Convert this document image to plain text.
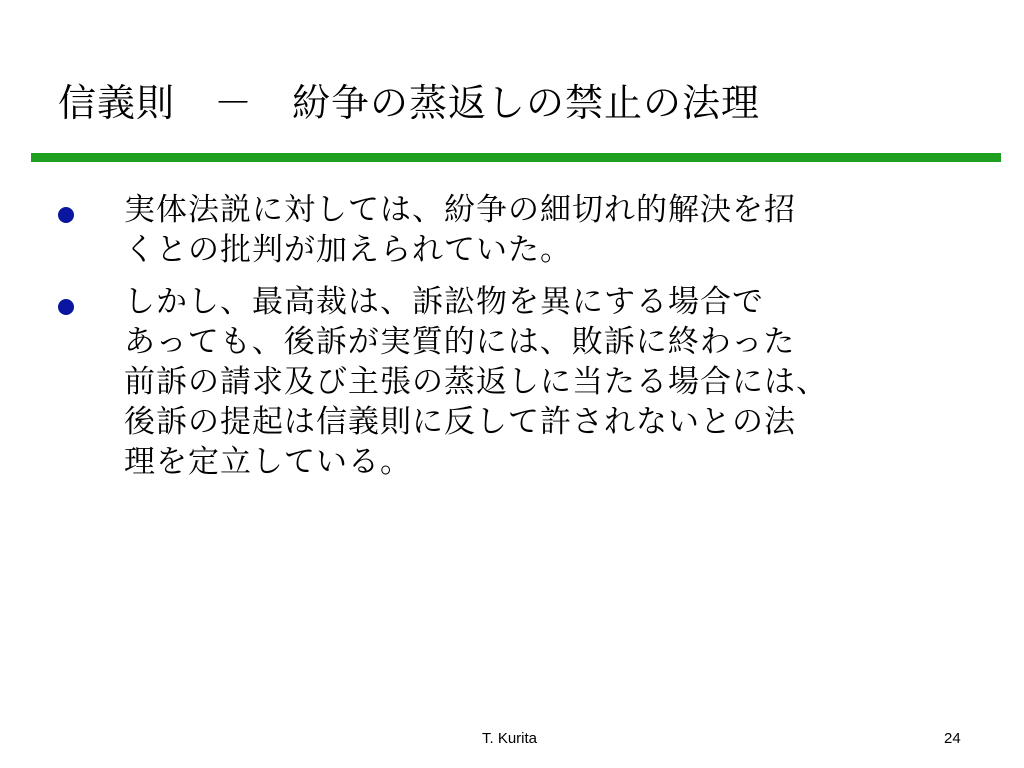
信義則　－　紛争の蒸返しの禁止の法理
実体法説に対しては、紛争の細切れ的解決を招
くとの批判が加えられていた。
しかし、最高裁は、訴訟物を異にする場合で
あっても、後訴が実質的には、敗訴に終わった
前訴の請求及び主張の蒸返しに当たる場合には、
後訴の提起は信義則に反して許されないとの法
理を定立している。
T. Kurita	24
